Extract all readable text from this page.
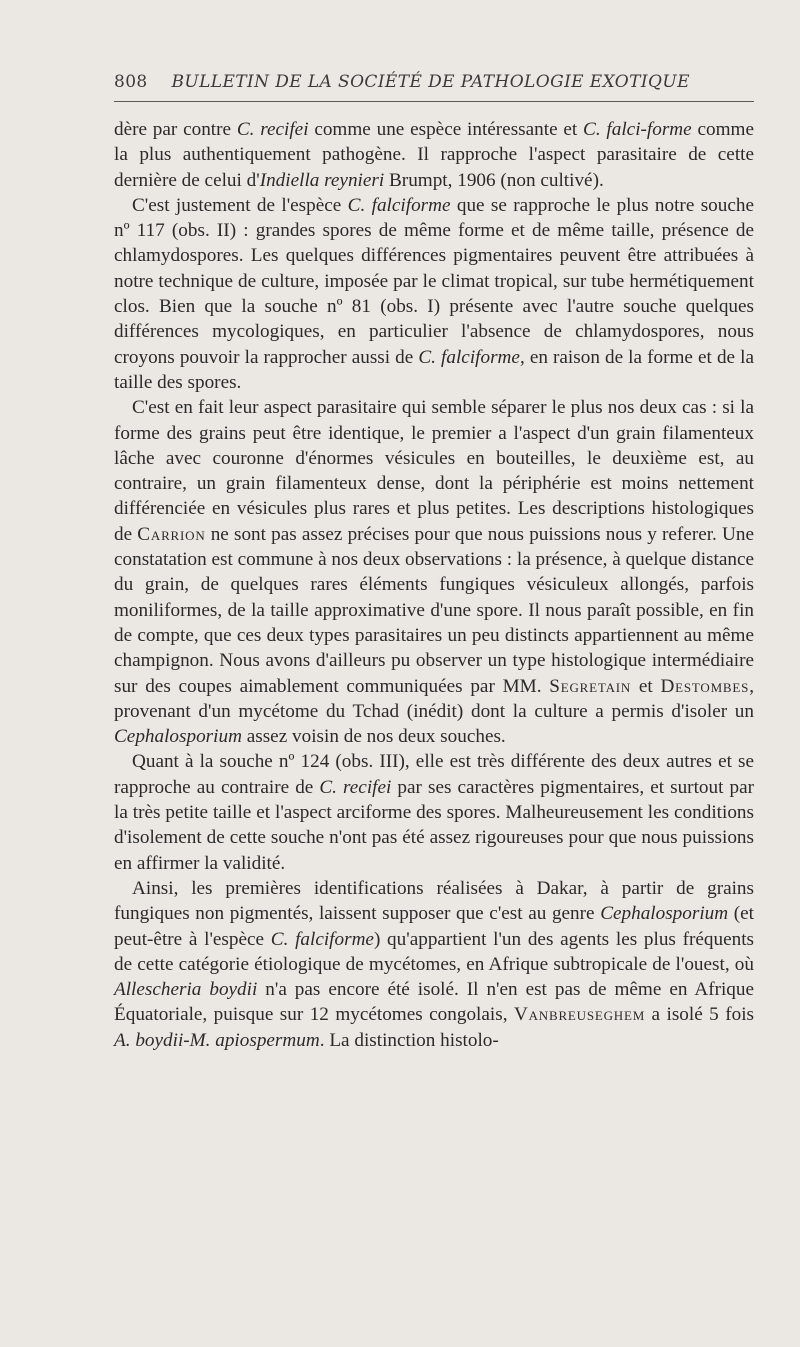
808 BULLETIN DE LA SOCIÉTÉ DE PATHOLOGIE EXOTIQUE

dère par contre C. recifei comme une espèce intéressante et C. falci-forme comme la plus authentiquement pathogène. Il rapproche l'aspect parasitaire de cette dernière de celui d'Indiella reynieri Brumpt, 1906 (non cultivé).

C'est justement de l'espèce C. falciforme que se rapproche le plus notre souche nº 117 (obs. II) : grandes spores de même forme et de même taille, présence de chlamydospores. Les quelques différences pigmentaires peuvent être attribuées à notre technique de culture, imposée par le climat tropical, sur tube hermétiquement clos. Bien que la souche nº 81 (obs. I) présente avec l'autre souche quelques différences mycologiques, en particulier l'absence de chlamydospores, nous croyons pouvoir la rapprocher aussi de C. falciforme, en raison de la forme et de la taille des spores.

C'est en fait leur aspect parasitaire qui semble séparer le plus nos deux cas : si la forme des grains peut être identique, le premier a l'aspect d'un grain filamenteux lâche avec couronne d'énormes vésicules en bouteilles, le deuxième est, au contraire, un grain filamenteux dense, dont la périphérie est moins nettement différenciée en vésicules plus rares et plus petites. Les descriptions histologiques de Carrion ne sont pas assez précises pour que nous puissions nous y referer. Une constatation est commune à nos deux observations : la présence, à quelque distance du grain, de quelques rares éléments fungiques vésiculeux allongés, parfois moniliformes, de la taille approximative d'une spore. Il nous paraît possible, en fin de compte, que ces deux types parasitaires un peu distincts appartiennent au même champignon. Nous avons d'ailleurs pu observer un type histologique intermédiaire sur des coupes aimablement communiquées par MM. Segretain et Destombes, provenant d'un mycétome du Tchad (inédit) dont la culture a permis d'isoler un Cephalosporium assez voisin de nos deux souches.

Quant à la souche nº 124 (obs. III), elle est très différente des deux autres et se rapproche au contraire de C. recifei par ses caractères pigmentaires, et surtout par la très petite taille et l'aspect arciforme des spores. Malheureusement les conditions d'isolement de cette souche n'ont pas été assez rigoureuses pour que nous puissions en affirmer la validité.

Ainsi, les premières identifications réalisées à Dakar, à partir de grains fungiques non pigmentés, laissent supposer que c'est au genre Cephalosporium (et peut-être à l'espèce C. falciforme) qu'appartient l'un des agents les plus fréquents de cette catégorie étiologique de mycétomes, en Afrique subtropicale de l'ouest, où Allescheria boydii n'a pas encore été isolé. Il n'en est pas de même en Afrique Équatoriale, puisque sur 12 mycétomes congolais, Vanbreuseghem a isolé 5 fois A. boydii-M. apiospermum. La distinction histolo-
